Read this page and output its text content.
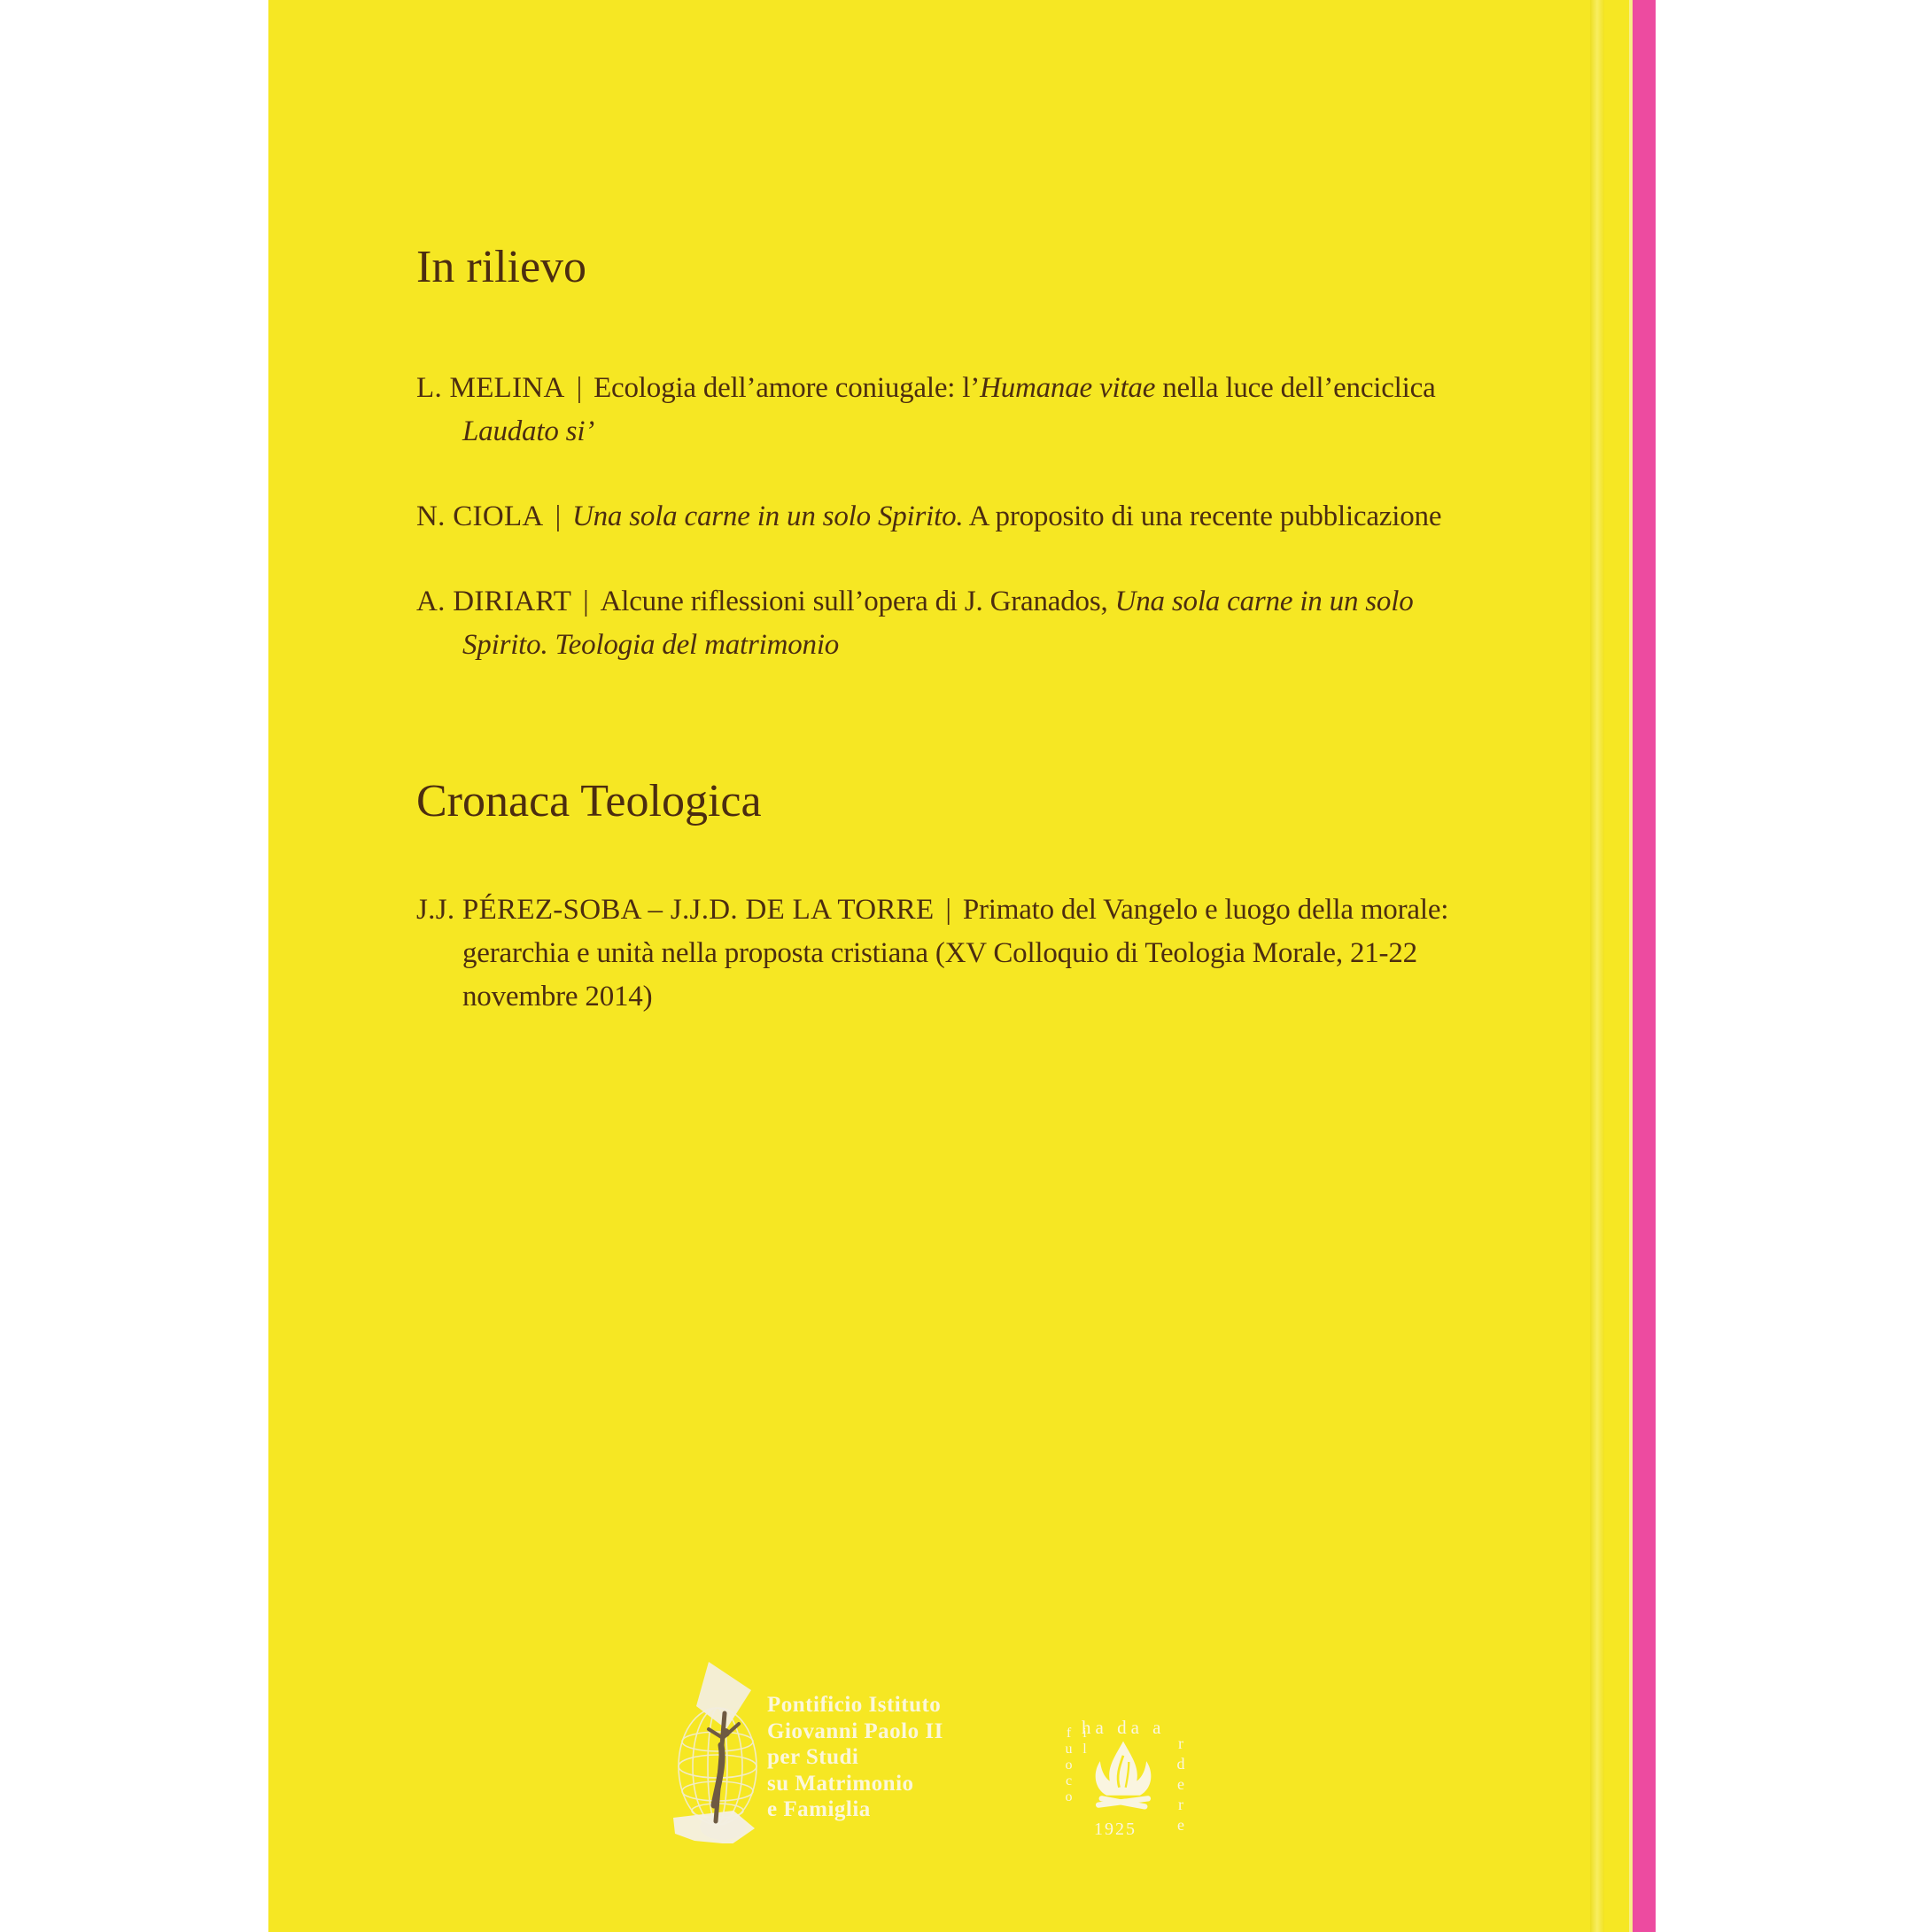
In rilievo

L. MELINA | Ecologia dell’amore coniugale: l’Humanae vitae nella luce dell’enciclica
Laudato si’

N. CIOLA | Una sola carne in un solo Spirito. A proposito di una recente pubblicazione

A. DIRIART | Alcune riflessioni sull’opera di J. Granados, Una sola carne in un solo
Spirito. Teologia del matrimonio

Cronaca Teologica

J.J. PÉREZ-SOBA – J.J.D. DE LA TORRE | Primato del Vangelo e luogo della morale:
gerarchia e unità nella proposta cristiana (XV Colloquio di Teologia Morale, 21-22
novembre 2014)

Pontificio Istituto
Giovanni Paolo II
per Studi
su Matrimonio
e Famiglia
ha da a
il fuoco	rdere
1925
